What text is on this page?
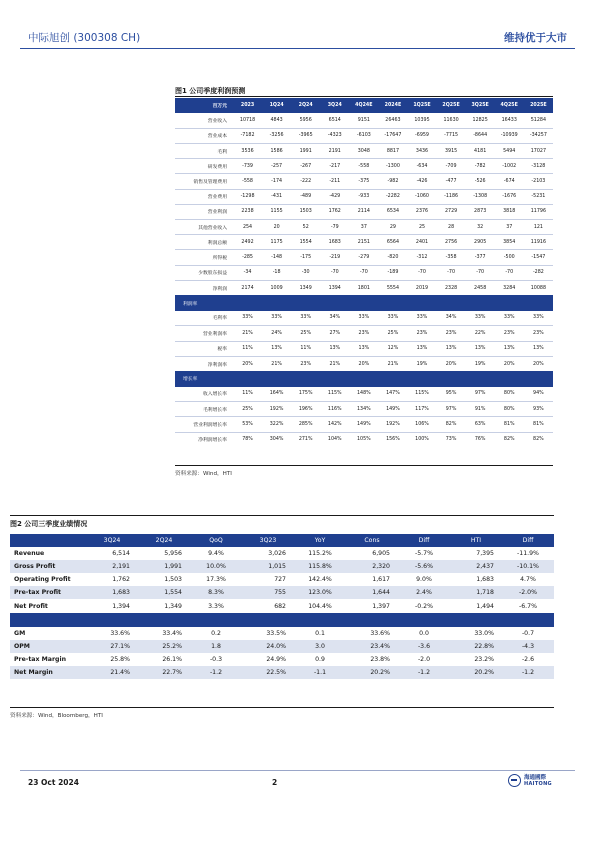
中际旭创 (300308 CH)	维持优于大市
图1 公司季度利润预测
百万元	2023	1Q24	2Q24	3Q24	4Q24E	2024E	1Q25E	2Q25E	3Q25E	4Q25E	2025E
营业收入	10718	4843	5956	6514	9151	26463	10395	11630	12825	16433	51284
营业成本	-7182	-3256	-3965	-4323	-6103	-17647	-6959	-7715	-8644	-10939	-34257
毛利	3536	1586	1991	2191	3048	8817	3436	3915	4181	5494	17027
研发费用	-739	-257	-267	-217	-558	-1300	-634	-709	-782	-1002	-3128
销售及管理费用	-558	-174	-222	-211	-375	-982	-426	-477	-526	-674	-2103
营业费用	-1298	-431	-489	-429	-933	-2282	-1060	-1186	-1308	-1676	-5231
营业利润	2238	1155	1503	1762	2114	6534	2376	2729	2873	3818	11796
其他营业收入	254	20	52	-79	37	29	25	28	32	37	121
利润总额	2492	1175	1554	1683	2151	6564	2401	2756	2905	3854	11916
所得税	-285	-148	-175	-219	-279	-820	-312	-358	-377	-500	-1547
少数股东损益	-34	-18	-30	-70	-70	-189	-70	-70	-70	-70	-282
净利润	2174	1009	1349	1394	1801	5554	2019	2328	2458	3284	10088
利润率											
毛利率	33%	33%	33%	34%	33%	33%	33%	34%	33%	33%	33%
营业利润率	21%	24%	25%	27%	23%	25%	23%	23%	22%	23%	23%
税率	11%	13%	11%	13%	13%	12%	13%	13%	13%	13%	13%
净利润率	20%	21%	23%	21%	20%	21%	19%	20%	19%	20%	20%
增长率											
收入增长率	11%	164%	175%	115%	148%	147%	115%	95%	97%	80%	94%
毛利增长率	25%	192%	196%	116%	134%	149%	117%	97%	91%	80%	93%
营业利润增长率	53%	322%	285%	142%	149%	192%	106%	82%	63%	81%	81%
净利润增长率	78%	304%	271%	104%	105%	156%	100%	73%	76%	82%	82%
资料来源：Wind，HTI
图2 公司三季度业绩情况
	3Q24	2Q24	QoQ	3Q23	YoY	Cons	Diff	HTI	Diff
Revenue	6,514	5,956	9.4%	3,026	115.2%	6,905	-5.7%	7,395	-11.9%
Gross Profit	2,191	1,991	10.0%	1,015	115.8%	2,320	-5.6%	2,437	-10.1%
Operating Profit	1,762	1,503	17.3%	727	142.4%	1,617	9.0%	1,683	4.7%
Pre-tax Profit	1,683	1,554	8.3%	755	123.0%	1,644	2.4%	1,718	-2.0%
Net Profit	1,394	1,349	3.3%	682	104.4%	1,397	-0.2%	1,494	-6.7%

GM	33.6%	33.4%	0.2	33.5%	0.1	33.6%	0.0	33.0%	-0.7
OPM	27.1%	25.2%	1.8	24.0%	3.0	23.4%	-3.6	22.8%	-4.3
Pre-tax Margin	25.8%	26.1%	-0.3	24.9%	0.9	23.8%	-2.0	23.2%	-2.6
Net Margin	21.4%	22.7%	-1.2	22.5%	-1.1	20.2%	-1.2	20.2%	-1.2
资料来源：Wind，Bloomberg，HTI
23 Oct 2024	2	海通國際
HAITONG
